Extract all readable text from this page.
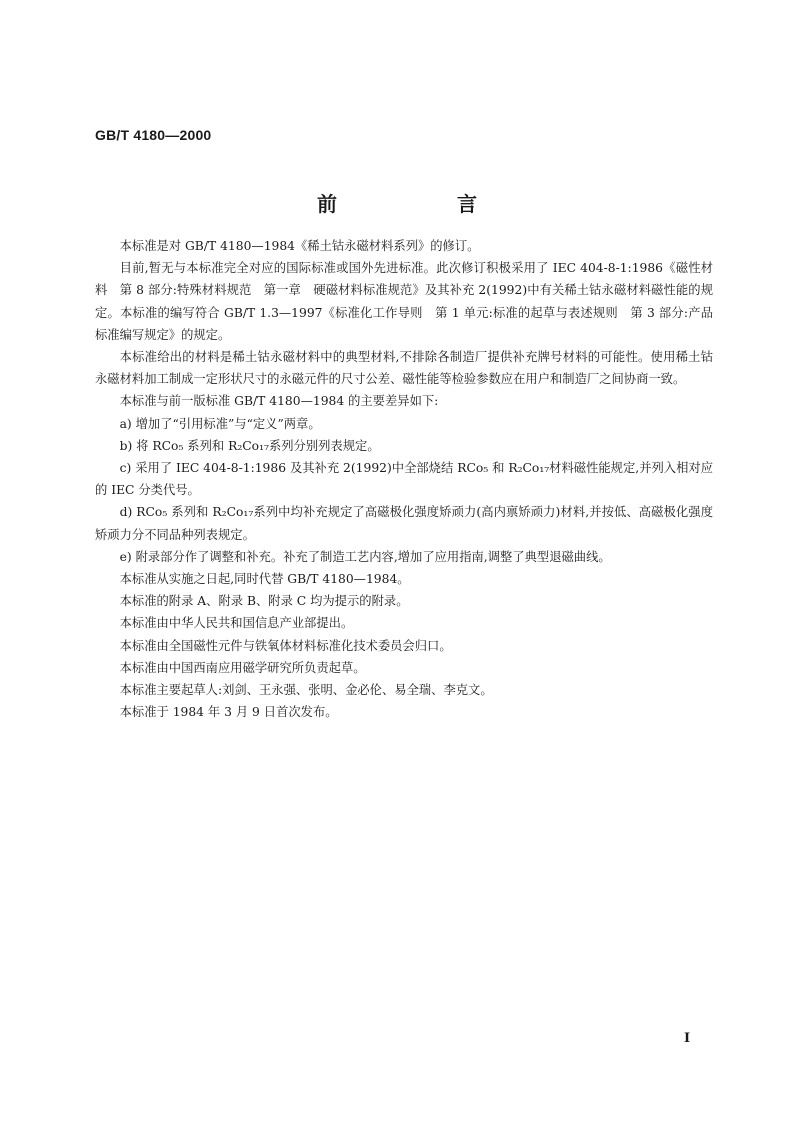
GB/T 4180—2000
前　言

本标准是对 GB/T 4180—1984《稀土钴永磁材料系列》的修订。

目前,暂无与本标准完全对应的国际标准或国外先进标准。此次修订积极采用了 IEC 404-8-1:1986《磁性材料　第 8 部分:特殊材料规范　第一章　硬磁材料标准规范》及其补充 2(1992)中有关稀土钴永磁材料磁性能的规定。本标准的编写符合 GB/T 1.3—1997《标准化工作导则　第 1 单元:标准的起草与表述规则　第 3 部分:产品标准编写规定》的规定。

本标准给出的材料是稀土钴永磁材料中的典型材料,不排除各制造厂提供补充牌号材料的可能性。使用稀土钴永磁材料加工制成一定形状尺寸的永磁元件的尺寸公差、磁性能等检验参数应在用户和制造厂之间协商一致。

本标准与前一版标准 GB/T 4180—1984 的主要差异如下:

a) 增加了“引用标准”与“定义”两章。

b) 将 RCo₅ 系列和 R₂Co₁₇系列分别列表规定。

c) 采用了 IEC 404-8-1:1986 及其补充 2(1992)中全部烧结 RCo₅ 和 R₂Co₁₇材料磁性能规定,并列入相对应的 IEC 分类代号。

d) RCo₅ 系列和 R₂Co₁₇系列中均补充规定了高磁极化强度矫顽力(高内禀矫顽力)材料,并按低、高磁极化强度矫顽力分不同品种列表规定。

e) 附录部分作了调整和补充。补充了制造工艺内容,增加了应用指南,调整了典型退磁曲线。

本标准从实施之日起,同时代替 GB/T 4180—1984。

本标准的附录 A、附录 B、附录 C 均为提示的附录。

本标准由中华人民共和国信息产业部提出。

本标准由全国磁性元件与铁氧体材料标准化技术委员会归口。

本标准由中国西南应用磁学研究所负责起草。

本标准主要起草人:刘剑、王永强、张明、金必伦、易全瑞、李克文。

本标准于 1984 年 3 月 9 日首次发布。

I
